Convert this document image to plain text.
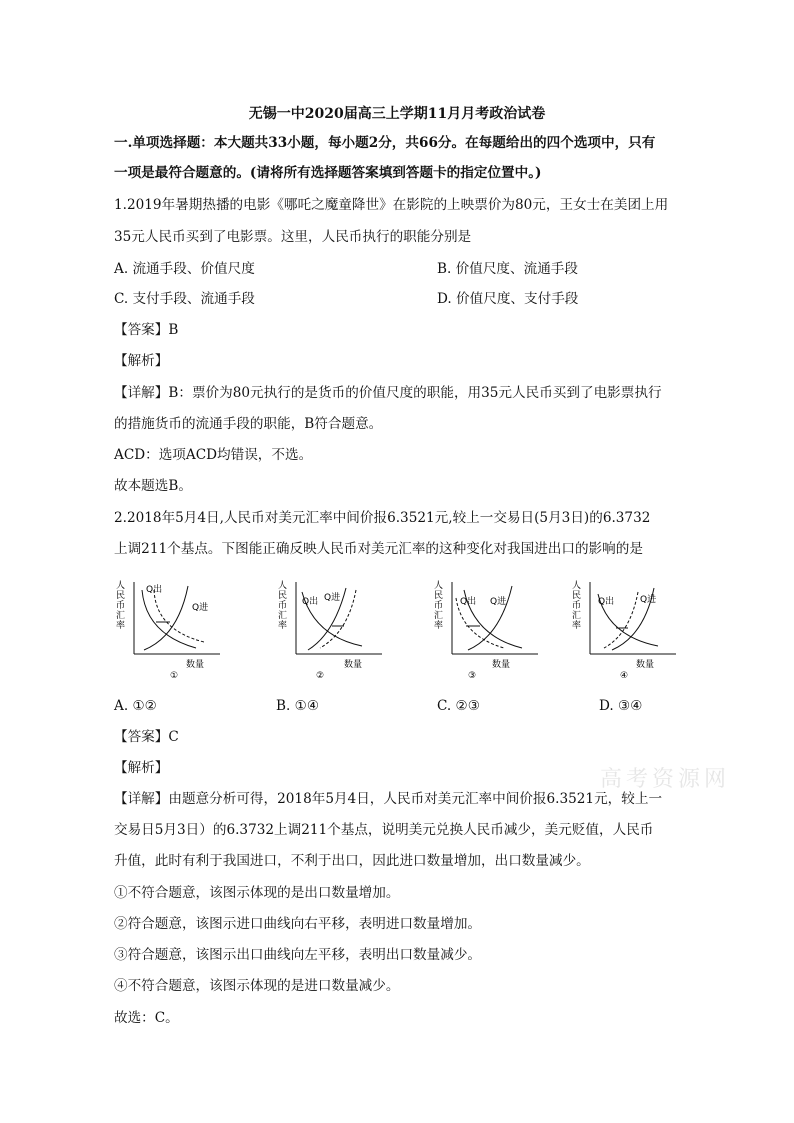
无锡一中2020届高三上学期11月月考政治试卷
一.单项选择题：本大题共33小题，每小题2分，共66分。在每题给出的四个选项中，只有
一项是最符合题意的。(请将所有选择题答案填到答题卡的指定位置中。)
1.2019年暑期热播的电影《哪吒之魔童降世》在影院的上映票价为80元，王女士在美团上用
35元人民币买到了电影票。这里，人民币执行的职能分别是
A. 流通手段、价值尺度	B. 价值尺度、流通手段
C. 支付手段、流通手段	D. 价值尺度、支付手段
【答案】B
【解析】
【详解】B：票价为80元执行的是货币的价值尺度的职能，用35元人民币买到了电影票执行
的措施货币的流通手段的职能，B符合题意。
ACD：选项ACD均错误，不选。
故本题选B。
2.2018年5月4日,人民币对美元汇率中间价报6.3521元,较上一交易日(5月3日)的6.3732
上调211个基点。下图能正确反映人民币对美元汇率的这种变化对我国进出口的影响的是
人
民
币
汇
率
Q出
Q进
数量
①
人
民
币
汇
率
Q出 Q进
数量
②
人
民
币
汇
率
Q出 Q进
数量
③
人
民
币
汇
率
Q出	Q进
数量
④
A. ①②	B. ①④	C. ②③	D. ③④
【答案】C
【解析】
【详解】由题意分析可得，2018年5月4日，人民币对美元汇率中间价报6.3521元，较上一
交易日5月3日）的6.3732上调211个基点，说明美元兑换人民币减少，美元贬值，人民币
升值，此时有利于我国进口，不利于出口，因此进口数量增加，出口数量减少。
①不符合题意，该图示体现的是出口数量增加。
②符合题意，该图示进口曲线向右平移，表明进口数量增加。
③符合题意，该图示出口曲线向左平移，表明出口数量减少。
④不符合题意，该图示体现的是进口数量减少。
故选：C。
高考资源网
